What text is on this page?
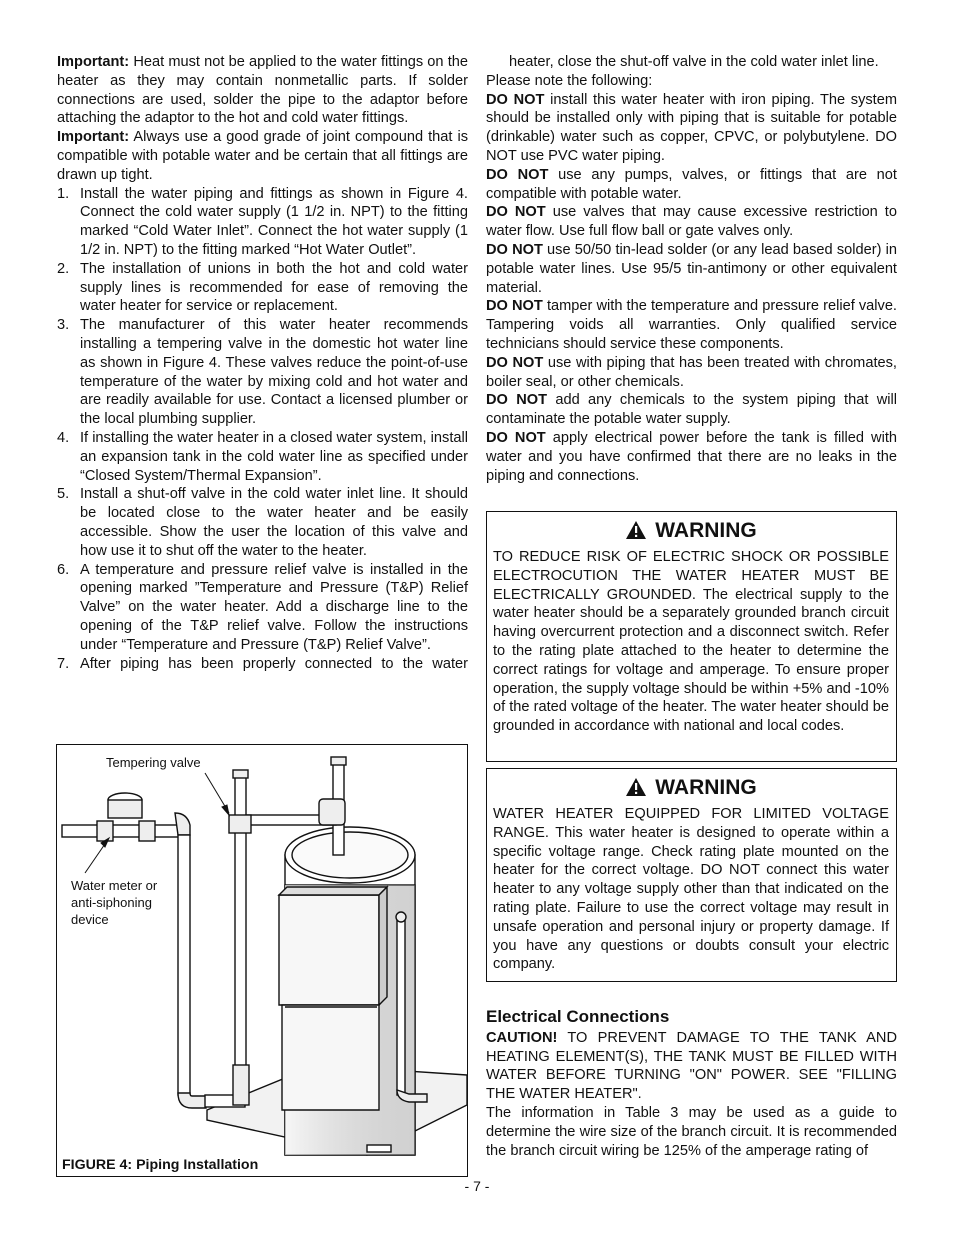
Important: Heat must not be applied to the water fittings on the heater as they may contain nonmetallic parts. If solder connections are used, solder the pipe to the adaptor before attaching the adaptor to the hot and cold water fittings.

Important: Always use a good grade of joint compound that is compatible with potable water and be certain that all fittings are drawn up tight.

1. Install the water piping and fittings as shown in Figure 4. Connect the cold water supply (1 1/2 in. NPT) to the fitting marked “Cold Water Inlet”. Connect the hot water supply (1 1/2 in. NPT) to the fitting marked “Hot Water Outlet”.
2. The installation of unions in both the hot and cold water supply lines is recommended for ease of removing the water heater for service or replacement.
3. The manufacturer of this water heater recommends installing a tempering valve in the domestic hot water line as shown in Figure 4. These valves reduce the point-of-use temperature of the water by mixing cold and hot water and are readily available for use. Contact a licensed plumber or the local plumbing supplier.
4. If installing the water heater in a closed water system, install an expansion tank in the cold water line as specified under “Closed System/Thermal Expansion”.
5. Install a shut-off valve in the cold water inlet line. It should be located close to the water heater and be easily accessible. Show the user the location of this valve and how use it to shut off the water to the heater.
6. A temperature and pressure relief valve is installed in the opening marked ”Temperature and Pressure (T&P) Relief Valve” on the water heater. Add a discharge line to the opening of the T&P relief valve. Follow the instructions under “Temperature and Pressure (T&P) Relief Valve”.
7. After piping has been properly connected to the water
Tempering valve
Water meter or anti-siphoning device
FIGURE 4: Piping Installation

heater, close the shut-off valve in the cold water inlet line.

Please note the following:

DO NOT install this water heater with iron piping. The system should be installed only with piping that is suitable for potable (drinkable) water such as copper, CPVC, or polybutylene. DO NOT use PVC water piping.

DO NOT use any pumps, valves, or fittings that are not compatible with potable water.

DO NOT use valves that may cause excessive restriction to water flow. Use full flow ball or gate valves only.

DO NOT use 50/50 tin-lead solder (or any lead based solder) in potable water lines. Use 95/5 tin-antimony or other equivalent material.

DO NOT tamper with the temperature and pressure relief valve. Tampering voids all warranties. Only qualified service technicians should service these components.

DO NOT use with piping that has been treated with chromates, boiler seal, or other chemicals.

DO NOT add any chemicals to the system piping that will contaminate the potable water supply.

DO NOT apply electrical power before the tank is filled with water and you have confirmed that there are no leaks in the piping and connections.

WARNING

TO REDUCE RISK OF ELECTRIC SHOCK OR POSSIBLE ELECTROCUTION THE WATER HEATER MUST BE ELECTRICALLY GROUNDED. The electrical supply to the water heater should be a separately grounded branch circuit having overcurrent protection and a disconnect switch. Refer to the rating plate attached to the heater to determine the correct ratings for voltage and amperage. To ensure proper operation, the supply voltage should be within +5% and -10% of the rated voltage of the heater. The water heater should be grounded in accordance with national and local codes.

WARNING

WATER HEATER EQUIPPED FOR LIMITED VOLTAGE RANGE. This water heater is designed to operate within a specific voltage range. Check rating plate mounted on the heater for the correct voltage. DO NOT connect this water heater to any voltage supply other than that indicated on the rating plate. Failure to use the correct voltage may result in unsafe operation and personal injury or property damage. If you have any questions or doubts consult your electric company.

Electrical Connections

CAUTION! TO PREVENT DAMAGE TO THE TANK AND HEATING ELEMENT(S), THE TANK MUST BE FILLED WITH WATER BEFORE TURNING "ON" POWER. SEE "FILLING THE WATER HEATER".

The information in Table 3 may be used as a guide to determine the wire size of the branch circuit. It is recommended the branch circuit wiring be 125% of the amperage rating of

- 7 -
